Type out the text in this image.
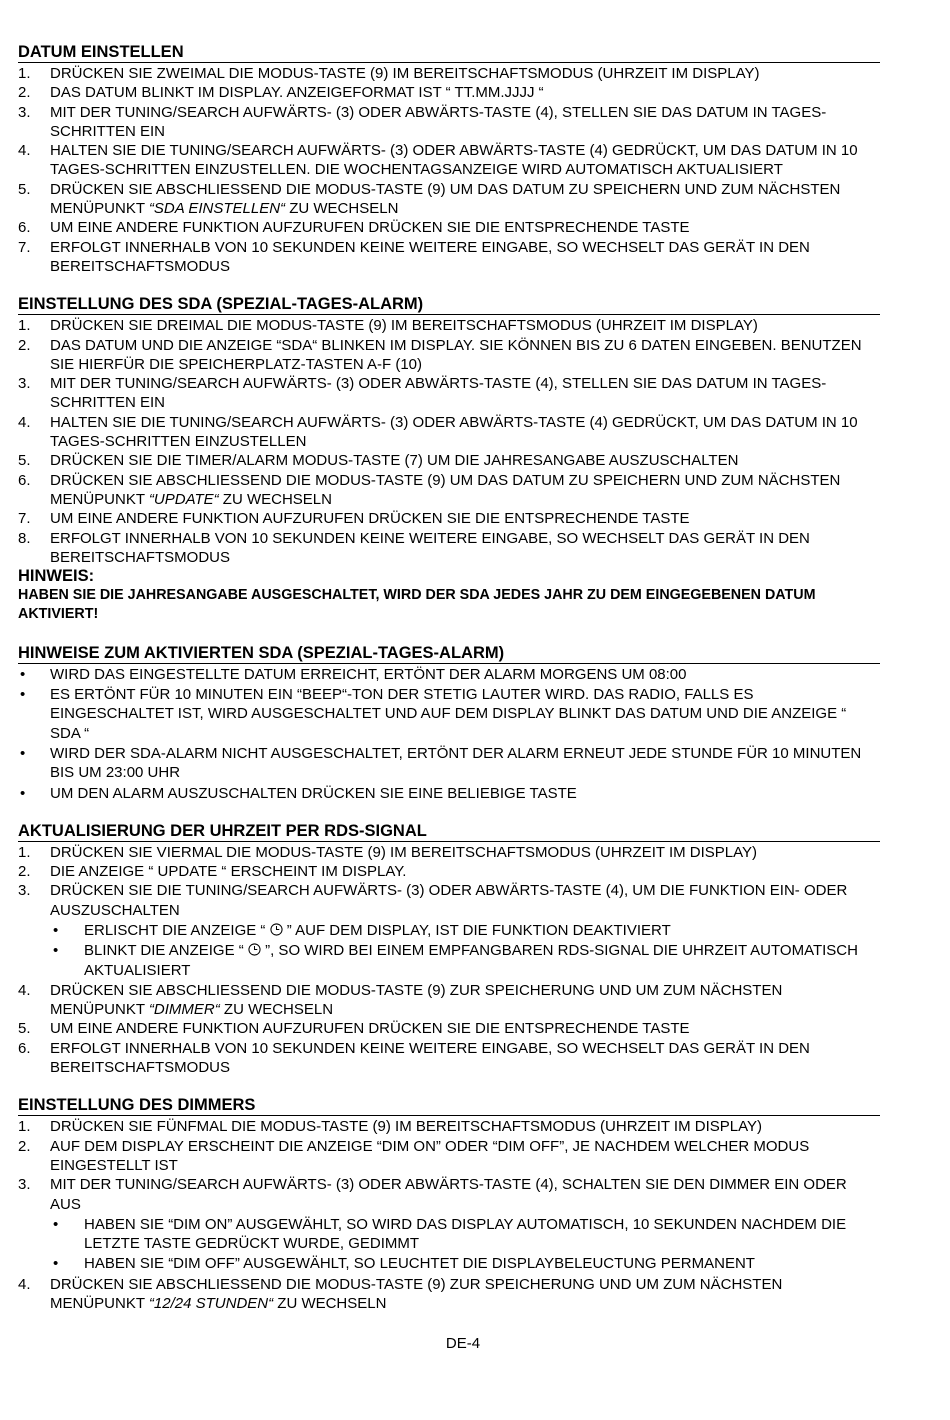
DATUM EINSTELLEN
1.	DRÜCKEN SIE ZWEIMAL DIE MODUS-TASTE (9) IM BEREITSCHAFTSMODUS (UHRZEIT IM DISPLAY)
2.	DAS DATUM BLINKT IM DISPLAY. ANZEIGEFORMAT IST “ TT.MM.JJJJ “
3.	MIT DER TUNING/SEARCH AUFWÄRTS- (3) ODER ABWÄRTS-TASTE (4), STELLEN SIE DAS DATUM IN TAGES-SCHRITTEN EIN
4.	HALTEN SIE DIE TUNING/SEARCH AUFWÄRTS- (3) ODER ABWÄRTS-TASTE (4) GEDRÜCKT, UM DAS DATUM IN 10 TAGES-SCHRITTEN EINZUSTELLEN. DIE WOCHENTAGSANZEIGE WIRD AUTOMATISCH AKTUALISIERT
5.	DRÜCKEN SIE ABSCHLIESSEND DIE MODUS-TASTE (9) UM DAS DATUM ZU SPEICHERN UND ZUM NÄCHSTEN MENÜPUNKT “SDA EINSTELLEN“ ZU WECHSELN
6.	UM EINE ANDERE FUNKTION AUFZURUFEN DRÜCKEN SIE DIE ENTSPRECHENDE TASTE
7.	ERFOLGT INNERHALB VON 10 SEKUNDEN KEINE WEITERE EINGABE, SO WECHSELT DAS GERÄT IN DEN BEREITSCHAFTSMODUS
EINSTELLUNG DES SDA (SPEZIAL-TAGES-ALARM)
1.	DRÜCKEN SIE DREIMAL DIE MODUS-TASTE (9) IM BEREITSCHAFTSMODUS (UHRZEIT IM DISPLAY)
2.	DAS DATUM UND DIE ANZEIGE “SDA“ BLINKEN IM DISPLAY. SIE KÖNNEN BIS ZU 6 DATEN EINGEBEN. BENUTZEN SIE HIERFÜR DIE SPEICHERPLATZ-TASTEN A-F (10)
3.	MIT DER TUNING/SEARCH AUFWÄRTS- (3) ODER ABWÄRTS-TASTE (4), STELLEN SIE DAS DATUM IN TAGES-SCHRITTEN EIN
4.	HALTEN SIE DIE TUNING/SEARCH AUFWÄRTS- (3) ODER ABWÄRTS-TASTE (4) GEDRÜCKT, UM DAS DATUM IN 10 TAGES-SCHRITTEN EINZUSTELLEN
5.	DRÜCKEN SIE DIE TIMER/ALARM MODUS-TASTE (7) UM DIE JAHRESANGABE AUSZUSCHALTEN
6.	DRÜCKEN SIE ABSCHLIESSEND DIE MODUS-TASTE (9) UM DAS DATUM ZU SPEICHERN UND ZUM NÄCHSTEN MENÜPUNKT “UPDATE“ ZU WECHSELN
7.	UM EINE ANDERE FUNKTION AUFZURUFEN DRÜCKEN SIE DIE ENTSPRECHENDE TASTE
8.	ERFOLGT INNERHALB VON 10 SEKUNDEN KEINE WEITERE EINGABE, SO WECHSELT DAS GERÄT IN DEN BEREITSCHAFTSMODUS
HINWEIS:
HABEN SIE DIE JAHRESANGABE AUSGESCHALTET, WIRD DER SDA JEDES JAHR ZU DEM EINGEGEBENEN DATUM AKTIVIERT!
HINWEISE ZUM AKTIVIERTEN SDA (SPEZIAL-TAGES-ALARM)
•	WIRD DAS EINGESTELLTE DATUM ERREICHT, ERTÖNT DER ALARM MORGENS UM 08:00
•	ES ERTÖNT FÜR 10 MINUTEN EIN “BEEP“-TON DER STETIG LAUTER WIRD. DAS RADIO, FALLS ES EINGESCHALTET IST, WIRD AUSGESCHALTET UND AUF DEM DISPLAY BLINKT DAS DATUM UND DIE ANZEIGE “ SDA “
•	WIRD DER SDA-ALARM NICHT AUSGESCHALTET, ERTÖNT DER ALARM ERNEUT JEDE STUNDE FÜR 10 MINUTEN BIS UM 23:00 UHR
•	UM DEN ALARM AUSZUSCHALTEN DRÜCKEN SIE EINE BELIEBIGE TASTE
AKTUALISIERUNG DER UHRZEIT PER RDS-SIGNAL
1.	DRÜCKEN SIE VIERMAL DIE MODUS-TASTE (9) IM BEREITSCHAFTSMODUS (UHRZEIT IM DISPLAY)
2.	DIE ANZEIGE “ UPDATE “ ERSCHEINT IM DISPLAY.
3.	DRÜCKEN SIE DIE TUNING/SEARCH AUFWÄRTS- (3) ODER ABWÄRTS-TASTE (4), UM DIE FUNKTION EIN- ODER AUSZUSCHALTEN
•	ERLISCHT DIE ANZEIGE “  ” AUF DEM DISPLAY, IST DIE FUNKTION DEAKTIVIERT
•	BLINKT DIE ANZEIGE “  ”, SO WIRD BEI EINEM EMPFANGBAREN RDS-SIGNAL DIE UHRZEIT AUTOMATISCH AKTUALISIERT
4.	DRÜCKEN SIE ABSCHLIESSEND DIE MODUS-TASTE (9) ZUR SPEICHERUNG UND UM ZUM NÄCHSTEN MENÜPUNKT “DIMMER“ ZU WECHSELN
5.	UM EINE ANDERE FUNKTION AUFZURUFEN DRÜCKEN SIE DIE ENTSPRECHENDE TASTE
6.	ERFOLGT INNERHALB VON 10 SEKUNDEN KEINE WEITERE EINGABE, SO WECHSELT DAS GERÄT IN DEN BEREITSCHAFTSMODUS
EINSTELLUNG DES DIMMERS
1.	DRÜCKEN SIE FÜNFMAL DIE MODUS-TASTE (9) IM BEREITSCHAFTSMODUS (UHRZEIT IM DISPLAY)
2.	AUF DEM DISPLAY ERSCHEINT DIE ANZEIGE “DIM ON” ODER “DIM OFF”, JE NACHDEM WELCHER MODUS EINGESTELLT IST
3.	MIT DER TUNING/SEARCH AUFWÄRTS- (3) ODER ABWÄRTS-TASTE (4), SCHALTEN SIE DEN DIMMER EIN ODER AUS
•	HABEN SIE “DIM ON” AUSGEWÄHLT, SO WIRD DAS DISPLAY AUTOMATISCH, 10 SEKUNDEN NACHDEM DIE LETZTE TASTE GEDRÜCKT WURDE, GEDIMMT
•	HABEN SIE “DIM OFF” AUSGEWÄHLT, SO LEUCHTET DIE DISPLAYBELEUCTUNG PERMANENT
4.	DRÜCKEN SIE ABSCHLIESSEND DIE MODUS-TASTE (9) ZUR SPEICHERUNG UND UM ZUM NÄCHSTEN MENÜPUNKT “12/24 STUNDEN“ ZU WECHSELN
DE-4
